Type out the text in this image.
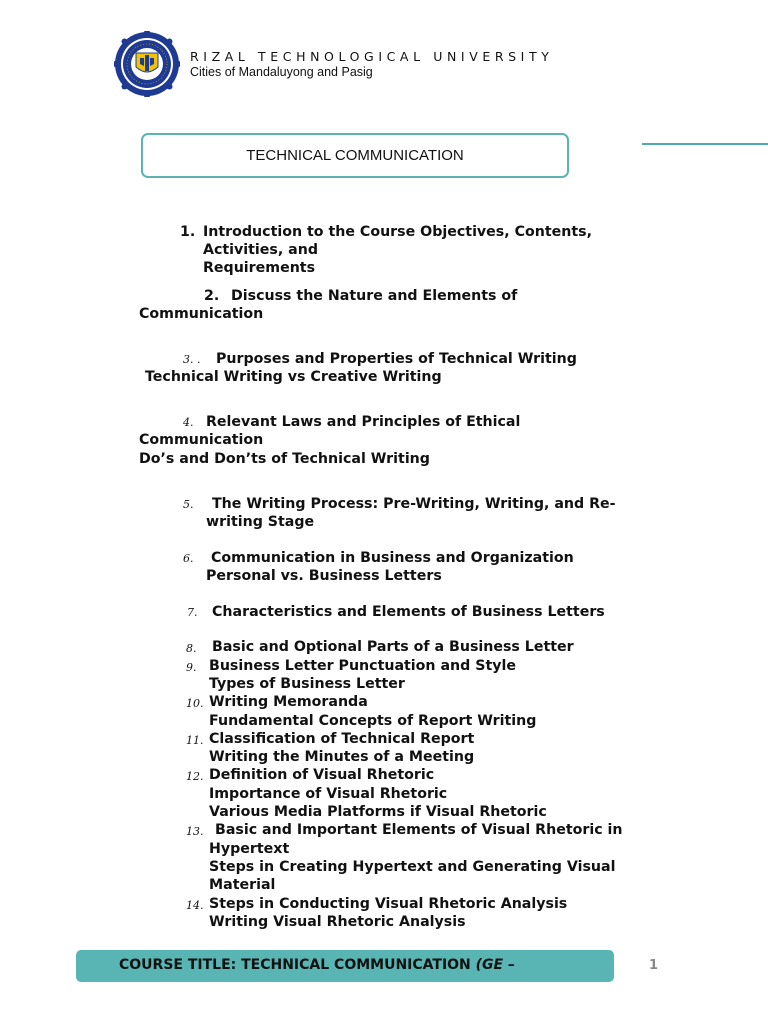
RIZAL TECHNOLOGICAL UNIVERSITY
Cities of Mandaluyong and Pasig
TECHNICAL COMMUNICATION
1. Introduction to the Course Objectives, Contents,
Activities, and
Requirements
2. Discuss the Nature and Elements of
Communication
3. . Purposes and Properties of Technical Writing
Technical Writing vs Creative Writing
4. Relevant Laws and Principles of Ethical
Communication
Do’s and Don’ts of Technical Writing
5. The Writing Process: Pre-Writing, Writing, and Re-
writing Stage
6. Communication in Business and Organization
Personal vs. Business Letters
7. Characteristics and Elements of Business Letters
8. Basic and Optional Parts of a Business Letter
9. Business Letter Punctuation and Style
Types of Business Letter
10. Writing Memoranda
Fundamental Concepts of Report Writing
11. Classification of Technical Report
Writing the Minutes of a Meeting
12. Definition of Visual Rhetoric
Importance of Visual Rhetoric
Various Media Platforms if Visual Rhetoric
13. Basic and Important Elements of Visual Rhetoric in
Hypertext
Steps in Creating Hypertext and Generating Visual
Material
14. Steps in Conducting Visual Rhetoric Analysis
Writing Visual Rhetoric Analysis
COURSE TITLE: TECHNICAL COMMUNICATION (GE –	1
